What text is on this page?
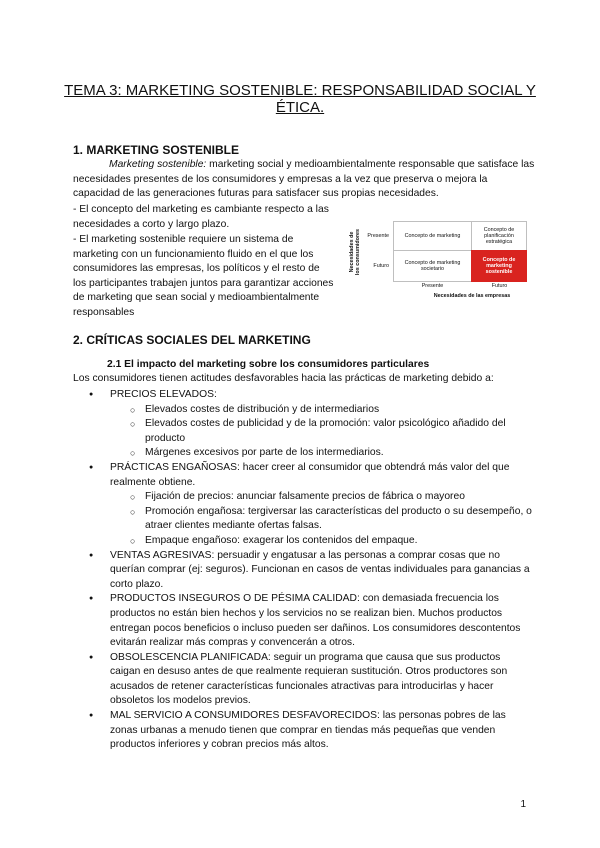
TEMA 3: MARKETING SOSTENIBLE: RESPONSABILIDAD SOCIAL Y ÉTICA.
1. MARKETING SOSTENIBLE
Marketing sostenible: marketing social y medioambientalmente responsable que satisface las necesidades presentes de los consumidores y empresas a la vez que preserva o mejora la capacidad de las generaciones futuras para satisfacer sus propias necesidades.
- El concepto del marketing es cambiante respecto a las necesidades a corto y largo plazo.
- El marketing sostenible requiere un sistema de marketing con un funcionamiento fluido en el que los consumidores las empresas, los políticos y el resto de los participantes trabajen juntos para garantizar acciones de marketing que sean social y medioambientalmente responsables
Necesidades de los consumidores	Presente
Futuro
Concepto de marketing
Concepto de planificación estratégica
Concepto de marketing societario
Concepto de marketing sostenible
Presente	Futuro
Necesidades de las empresas
2. CRÍTICAS SOCIALES DEL MARKETING
2.1 El impacto del marketing sobre los consumidores particulares
Los consumidores tienen actitudes desfavorables hacia las prácticas de marketing debido a:
● PRECIOS ELEVADOS:
○ Elevados costes de distribución y de intermediarios
○ Elevados costes de publicidad y de la promoción: valor psicológico añadido del producto
○ Márgenes excesivos por parte de los intermediarios.
● PRÁCTICAS ENGAÑOSAS: hacer creer al consumidor que obtendrá más valor del que realmente obtiene.
○ Fijación de precios: anunciar falsamente precios de fábrica o mayoreo
○ Promoción engañosa: tergiversar las características del producto o su desempeño, o atraer clientes mediante ofertas falsas.
○ Empaque engañoso: exagerar los contenidos del empaque.
● VENTAS AGRESIVAS: persuadir y engatusar a las personas a comprar cosas que no querían comprar (ej: seguros). Funcionan en casos de ventas individuales para ganancias a corto plazo.
● PRODUCTOS INSEGUROS O DE PÉSIMA CALIDAD: con demasiada frecuencia los productos no están bien hechos y los servicios no se realizan bien. Muchos productos entregan pocos beneficios o incluso pueden ser dañinos. Los consumidores descontentos evitarán realizar más compras y convencerán a otros.
● OBSOLESCENCIA PLANIFICADA: seguir un programa que causa que sus productos caigan en desuso antes de que realmente requieran sustitución. Otros productores son acusados de retener características funcionales atractivas para introducirlas y hacer obsoletos los modelos previos.
● MAL SERVICIO A CONSUMIDORES DESFAVORECIDOS: las personas pobres de las zonas urbanas a menudo tienen que comprar en tiendas más pequeñas que venden productos inferiores y cobran precios más altos.
1
